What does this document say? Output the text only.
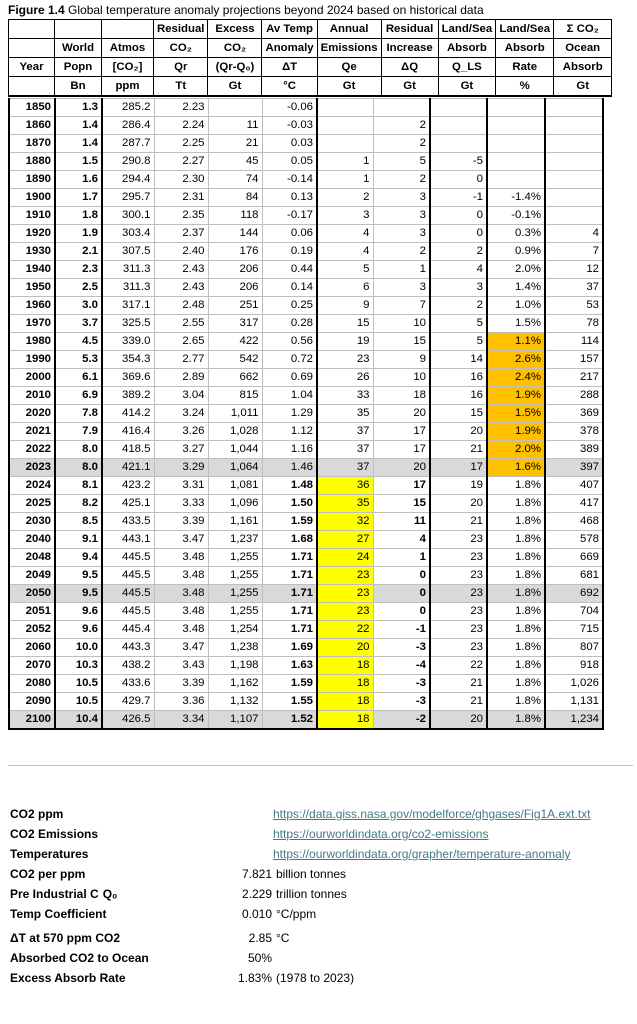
Figure 1.4 Global temperature anomaly projections beyond 2024 based on historical data
			Residual	Excess	Av Temp	Annual	Residual	Land/Sea	Land/Sea	Σ CO₂
	World	Atmos	CO₂	CO₂	Anomaly	Emissions	Increase	Absorb	Absorb	Ocean
Year	Popn	[CO₂]	Qr	(Qr-Q₀)	ΔT	Qe	ΔQ	Q_LS	Rate	Absorb
	Bn	ppm	Tt	Gt	°C	Gt	Gt	Gt	%	Gt
1850	1.3	285.2	2.23		-0.06					
1860	1.4	286.4	2.24	11	-0.03		2			
1870	1.4	287.7	2.25	21	0.03		2			
1880	1.5	290.8	2.27	45	0.05	1	5	-5		
1890	1.6	294.4	2.30	74	-0.14	1	2	0		
1900	1.7	295.7	2.31	84	0.13	2	3	-1	-1.4%	
1910	1.8	300.1	2.35	118	-0.17	3	3	0	-0.1%	
1920	1.9	303.4	2.37	144	0.06	4	3	0	0.3%	4
1930	2.1	307.5	2.40	176	0.19	4	2	2	0.9%	7
1940	2.3	311.3	2.43	206	0.44	5	1	4	2.0%	12
1950	2.5	311.3	2.43	206	0.14	6	3	3	1.4%	37
1960	3.0	317.1	2.48	251	0.25	9	7	2	1.0%	53
1970	3.7	325.5	2.55	317	0.28	15	10	5	1.5%	78
1980	4.5	339.0	2.65	422	0.56	19	15	5	1.1%	114
1990	5.3	354.3	2.77	542	0.72	23	9	14	2.6%	157
2000	6.1	369.6	2.89	662	0.69	26	10	16	2.4%	217
2010	6.9	389.2	3.04	815	1.04	33	18	16	1.9%	288
2020	7.8	414.2	3.24	1,011	1.29	35	20	15	1.5%	369
2021	7.9	416.4	3.26	1,028	1.12	37	17	20	1.9%	378
2022	8.0	418.5	3.27	1,044	1.16	37	17	21	2.0%	389
2023	8.0	421.1	3.29	1,064	1.46	37	20	17	1.6%	397
2024	8.1	423.2	3.31	1,081	1.48	36	17	19	1.8%	407
2025	8.2	425.1	3.33	1,096	1.50	35	15	20	1.8%	417
2030	8.5	433.5	3.39	1,161	1.59	32	11	21	1.8%	468
2040	9.1	443.1	3.47	1,237	1.68	27	4	23	1.8%	578
2048	9.4	445.5	3.48	1,255	1.71	24	1	23	1.8%	669
2049	9.5	445.5	3.48	1,255	1.71	23	0	23	1.8%	681
2050	9.5	445.5	3.48	1,255	1.71	23	0	23	1.8%	692
2051	9.6	445.5	3.48	1,255	1.71	23	0	23	1.8%	704
2052	9.6	445.4	3.48	1,254	1.71	22	-1	23	1.8%	715
2060	10.0	443.3	3.47	1,238	1.69	20	-3	23	1.8%	807
2070	10.3	438.2	3.43	1,198	1.63	18	-4	22	1.8%	918
2080	10.5	433.6	3.39	1,162	1.59	18	-3	21	1.8%	1,026
2090	10.5	429.7	3.36	1,132	1.55	18	-3	21	1.8%	1,131
2100	10.4	426.5	3.34	1,107	1.52	18	-2	20	1.8%	1,234
CO2 ppm	https://data.giss.nasa.gov/modelforce/ghgases/Fig1A.ext.txt
CO2 Emissions	https://ourworldindata.org/co2-emissions
Temperatures	https://ourworldindata.org/grapher/temperature-anomaly
CO2 per ppm	7.821 billion tonnes
Pre Industrial C Q₀	2.229 trillion tonnes
Temp Coefficient	0.010 °C/ppm
ΔT at 570 ppm CO2	2.85 °C
Absorbed CO2 to Ocean	50%
Excess Absorb Rate	1.83% (1978 to 2023)
